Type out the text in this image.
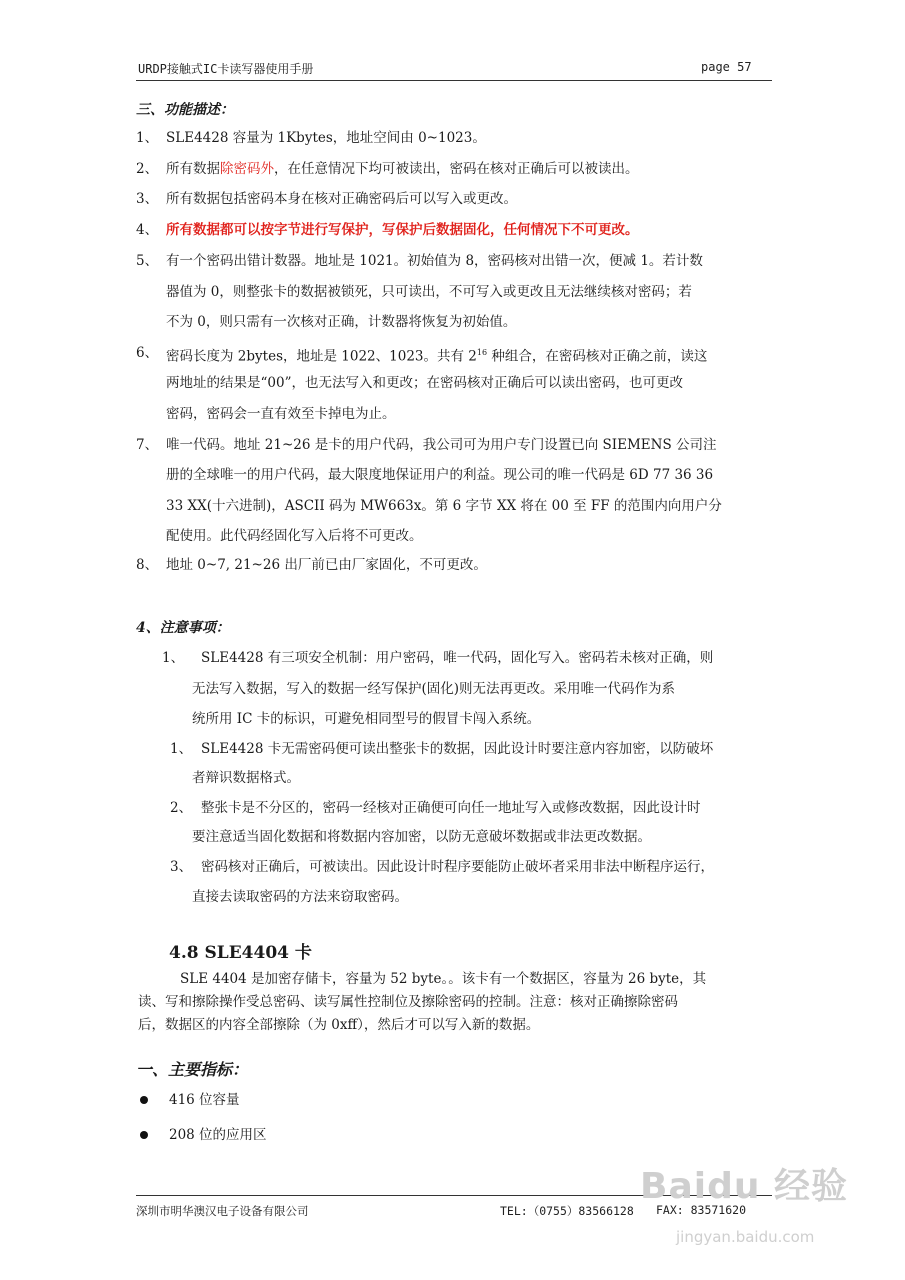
URDP接触式IC卡读写器使用手册	page 57
三、功能描述：
1、 SLE4428 容量为 1Kbytes，地址空间由 0~1023。
2、 所有数据除密码外，在任意情况下均可被读出，密码在核对正确后可以被读出。
3、 所有数据包括密码本身在核对正确密码后可以写入或更改。
4、 所有数据都可以按字节进行写保护，写保护后数据固化，任何情况下不可更改。
5、 有一个密码出错计数器。地址是 1021。初始值为 8，密码核对出错一次，便减 1。若计数
器值为 0，则整张卡的数据被锁死，只可读出，不可写入或更改且无法继续核对密码；若
不为 0，则只需有一次核对正确，计数器将恢复为初始值。
6、 密码长度为 2bytes，地址是 1022、1023。共有 $2^{16}$ 种组合，在密码核对正确之前，读这
两地址的结果是“00”，也无法写入和更改；在密码核对正确后可以读出密码，也可更改
密码，密码会一直有效至卡掉电为止。
7、 唯一代码。地址 21~26 是卡的用户代码，我公司可为用户专门设置已向 SIEMENS 公司注
册的全球唯一的用户代码，最大限度地保证用户的利益。现公司的唯一代码是 6D 77 36 36
33 XX(十六进制)，ASCII 码为 MW663x。第 6 字节 XX 将在 00 至 FF 的范围内向用户分
配使用。此代码经固化写入后将不可更改。
8、 地址 0~7, 21~26 出厂前已由厂家固化，不可更改。
4、注意事项：
1、 SLE4428 有三项安全机制：用户密码，唯一代码，固化写入。密码若未核对正确，则
无法写入数据，写入的数据一经写保护(固化)则无法再更改。采用唯一代码作为系
统所用 IC 卡的标识，可避免相同型号的假冒卡闯入系统。
1、 SLE4428 卡无需密码便可读出整张卡的数据，因此设计时要注意内容加密，以防破坏
者辩识数据格式。
2、 整张卡是不分区的，密码一经核对正确便可向任一地址写入或修改数据，因此设计时
要注意适当固化数据和将数据内容加密，以防无意破坏数据或非法更改数据。
3、 密码核对正确后，可被读出。因此设计时程序要能防止破坏者采用非法中断程序运行，
直接去读取密码的方法来窃取密码。
4.8 SLE4404 卡
SLE 4404 是加密存储卡，容量为 52 byte。。该卡有一个数据区，容量为 26 byte，其
读、写和擦除操作受总密码、读写属性控制位及擦除密码的控制。注意：核对正确擦除密码
后，数据区的内容全部擦除（为 0xff），然后才可以写入新的数据。
一、主要指标：
416 位容量
208 位的应用区
深圳市明华澳汉电子设备有限公司	TEL:（0755）83566128 FAX: 83571620
Baidu 经验
jingyan.baidu.com
